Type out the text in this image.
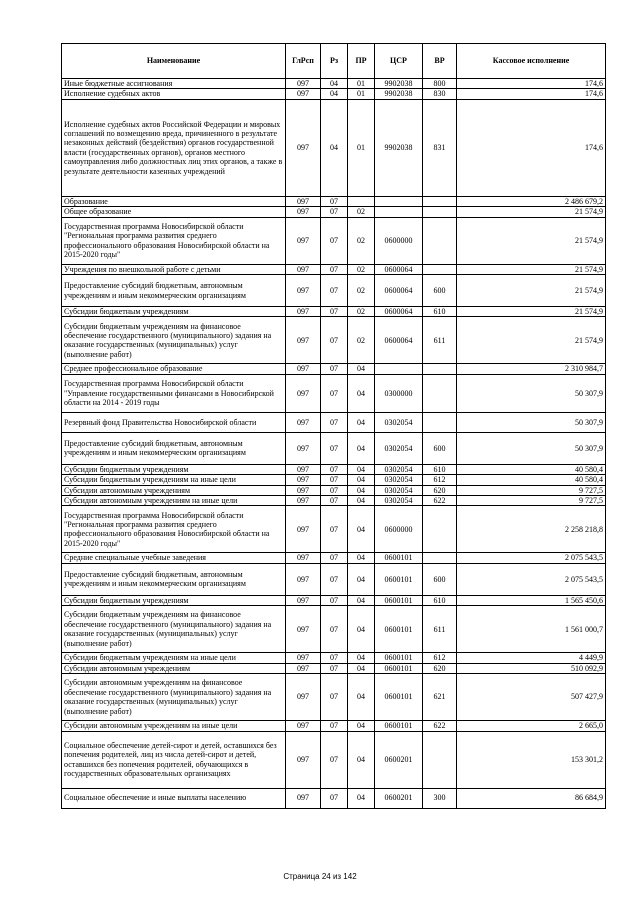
Наименование	ГлРсп	Рз	ПР	ЦСР	ВР	Кассовое исполнение
Иные бюджетные ассигнования	097	04	01	9902038	800	174,6
Исполнение судебных актов	097	04	01	9902038	830	174,6
Исполнение судебных актов Российской Федерации и мировых соглашений по возмещению вреда, причиненного в результате незаконных действий (бездействия) органов государственной власти (государственных органов), органов местного самоуправления либо должностных лиц этих органов, а также в результате деятельности казенных учреждений	097	04	01	9902038	831	174,6
Образование	097	07				2 486 679,2
Общее образование	097	07	02			21 574,9
Государственная программа Новосибирской области "Региональная программа развития среднего профессионального образования Новосибирской области на 2015-2020 годы"	097	07	02	0600000		21 574,9
Учреждения по внешкольной работе с детьми	097	07	02	0600064		21 574,9
Предоставление субсидий бюджетным, автономным учреждениям и иным некоммерческим организациям	097	07	02	0600064	600	21 574,9
Субсидии бюджетным учреждениям	097	07	02	0600064	610	21 574,9
Субсидии бюджетным учреждениям на финансовое обеспечение государственного (муниципального) задания на оказание государственных (муниципальных) услуг (выполнение работ)	097	07	02	0600064	611	21 574,9
Среднее профессиональное образование	097	07	04			2 310 984,7
Государственная программа Новосибирской области "Управление государственными финансами в Новосибирской области на 2014 - 2019 годы	097	07	04	0300000		50 307,9
Резервный фонд Правительства Новосибирской области	097	07	04	0302054		50 307,9
Предоставление субсидий бюджетным, автономным учреждениям и иным некоммерческим организациям	097	07	04	0302054	600	50 307,9
Субсидии бюджетным учреждениям	097	07	04	0302054	610	40 580,4
Субсидии бюджетным учреждениям на иные цели	097	07	04	0302054	612	40 580,4
Субсидии автономным учреждениям	097	07	04	0302054	620	9 727,5
Субсидии автономным учреждениям на иные цели	097	07	04	0302054	622	9 727,5
Государственная программа Новосибирской области "Региональная программа развития среднего профессионального образования Новосибирской области на 2015-2020 годы"	097	07	04	0600000		2 258 218,8
Средние специальные учебные заведения	097	07	04	0600101		2 075 543,5
Предоставление субсидий бюджетным, автономным учреждениям и иным некоммерческим организациям	097	07	04	0600101	600	2 075 543,5
Субсидии бюджетным учреждениям	097	07	04	0600101	610	1 565 450,6
Субсидии бюджетным учреждениям на финансовое обеспечение государственного (муниципального) задания на оказание государственных (муниципальных) услуг (выполнение работ)	097	07	04	0600101	611	1 561 000,7
Субсидии бюджетным учреждениям на иные цели	097	07	04	0600101	612	4 449,9
Субсидии автономным учреждениям	097	07	04	0600101	620	510 092,9
Субсидии автономным учреждениям на финансовое обеспечение государственного (муниципального) задания на оказание государственных (муниципальных) услуг (выполнение работ)	097	07	04	0600101	621	507 427,9
Субсидии автономным учреждениям на иные цели	097	07	04	0600101	622	2 665,0
Социальное обеспечение детей-сирот и детей, оставшихся без попечения родителей, лиц из числа детей-сирот и детей, оставшихся без попечения родителей, обучающихся в государственных образовательных организациях	097	07	04	0600201		153 301,2
Социальное обеспечение и иные выплаты населению	097	07	04	0600201	300	86 684,9
Страница 24 из 142
